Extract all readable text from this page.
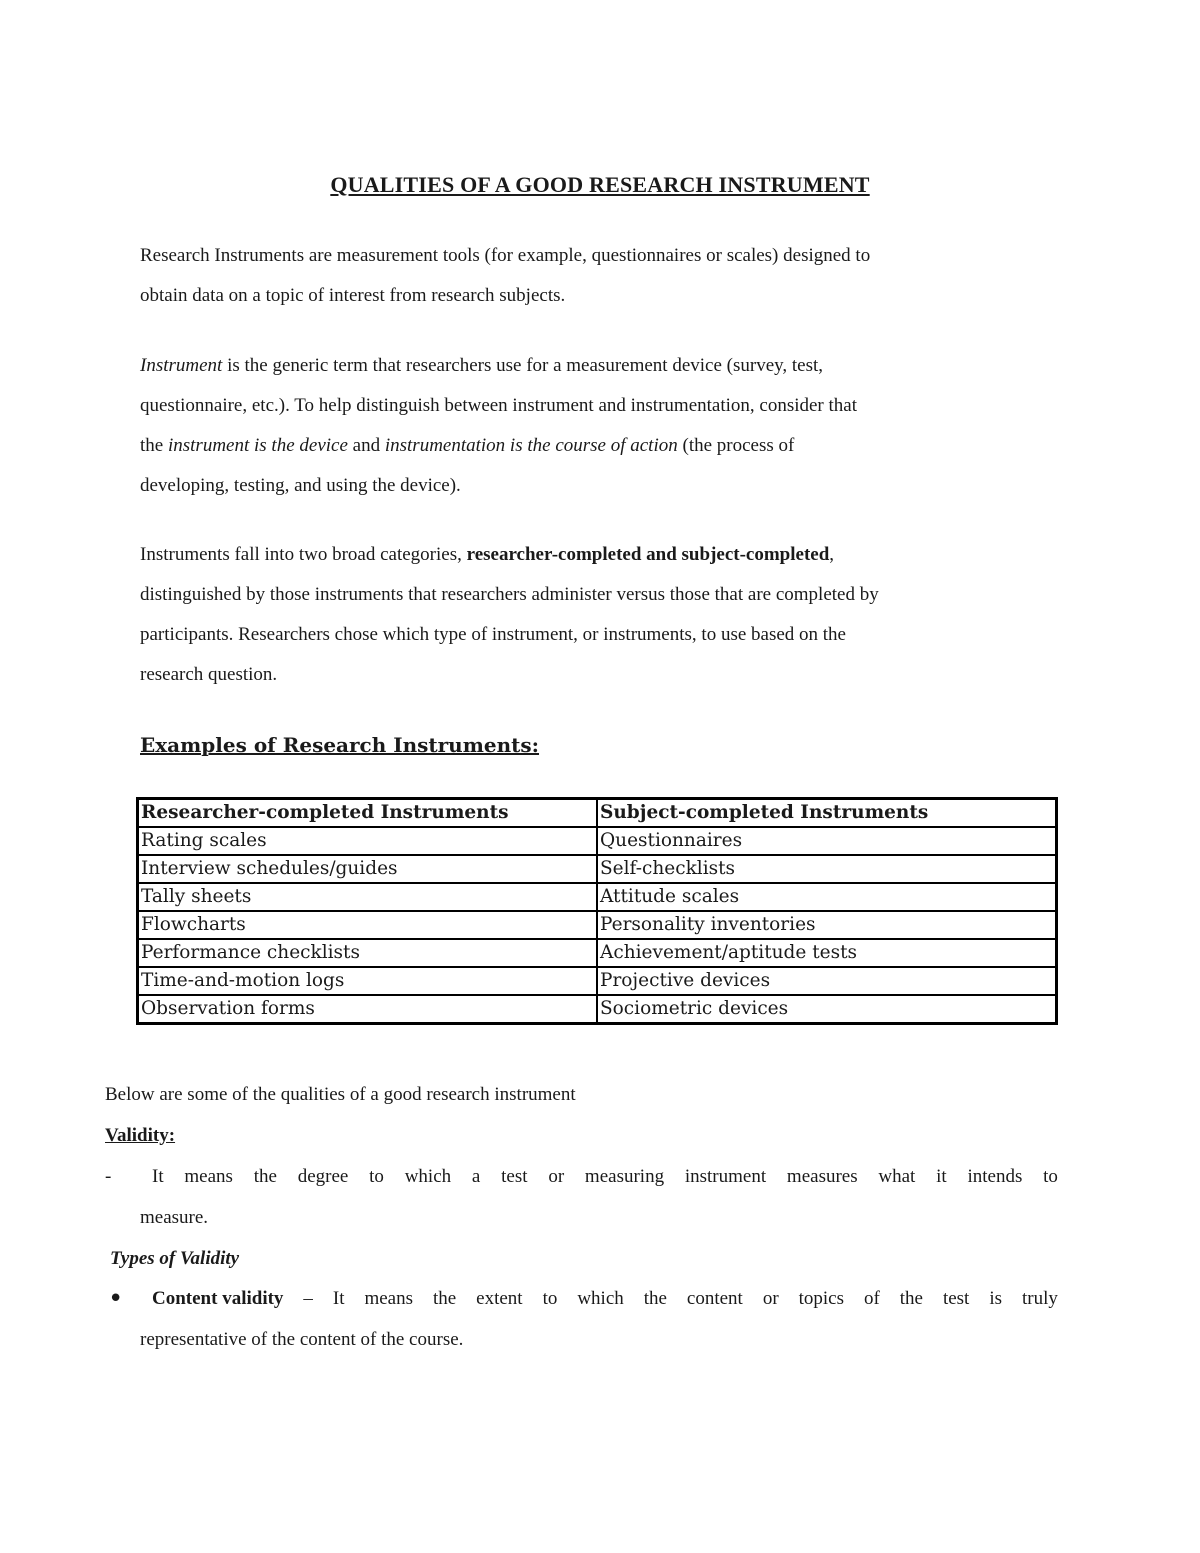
QUALITIES OF A GOOD RESEARCH INSTRUMENT
Research Instruments are measurement tools (for example, questionnaires or scales) designed to
obtain data on a topic of interest from research subjects.
Instrument is the generic term that researchers use for a measurement device (survey, test,
questionnaire, etc.). To help distinguish between instrument and instrumentation, consider that
the instrument is the device and instrumentation is the course of action (the process of
developing, testing, and using the device).
Instruments fall into two broad categories, researcher-completed and subject-completed,
distinguished by those instruments that researchers administer versus those that are completed by
participants. Researchers chose which type of instrument, or instruments, to use based on the
research question.
Examples of Research Instruments:
Researcher-completed Instruments	Subject-completed Instruments
Rating scales	Questionnaires
Interview schedules/guides	Self-checklists
Tally sheets	Attitude scales
Flowcharts	Personality inventories
Performance checklists	Achievement/aptitude tests
Time-and-motion logs	Projective devices
Observation forms	Sociometric devices
Below are some of the qualities of a good research instrument
Validity:
- It means the degree to which a test or measuring instrument measures what it intends to
measure.
Types of Validity
• Content validity – It means the extent to which the content or topics of the test is truly
representative of the content of the course.
